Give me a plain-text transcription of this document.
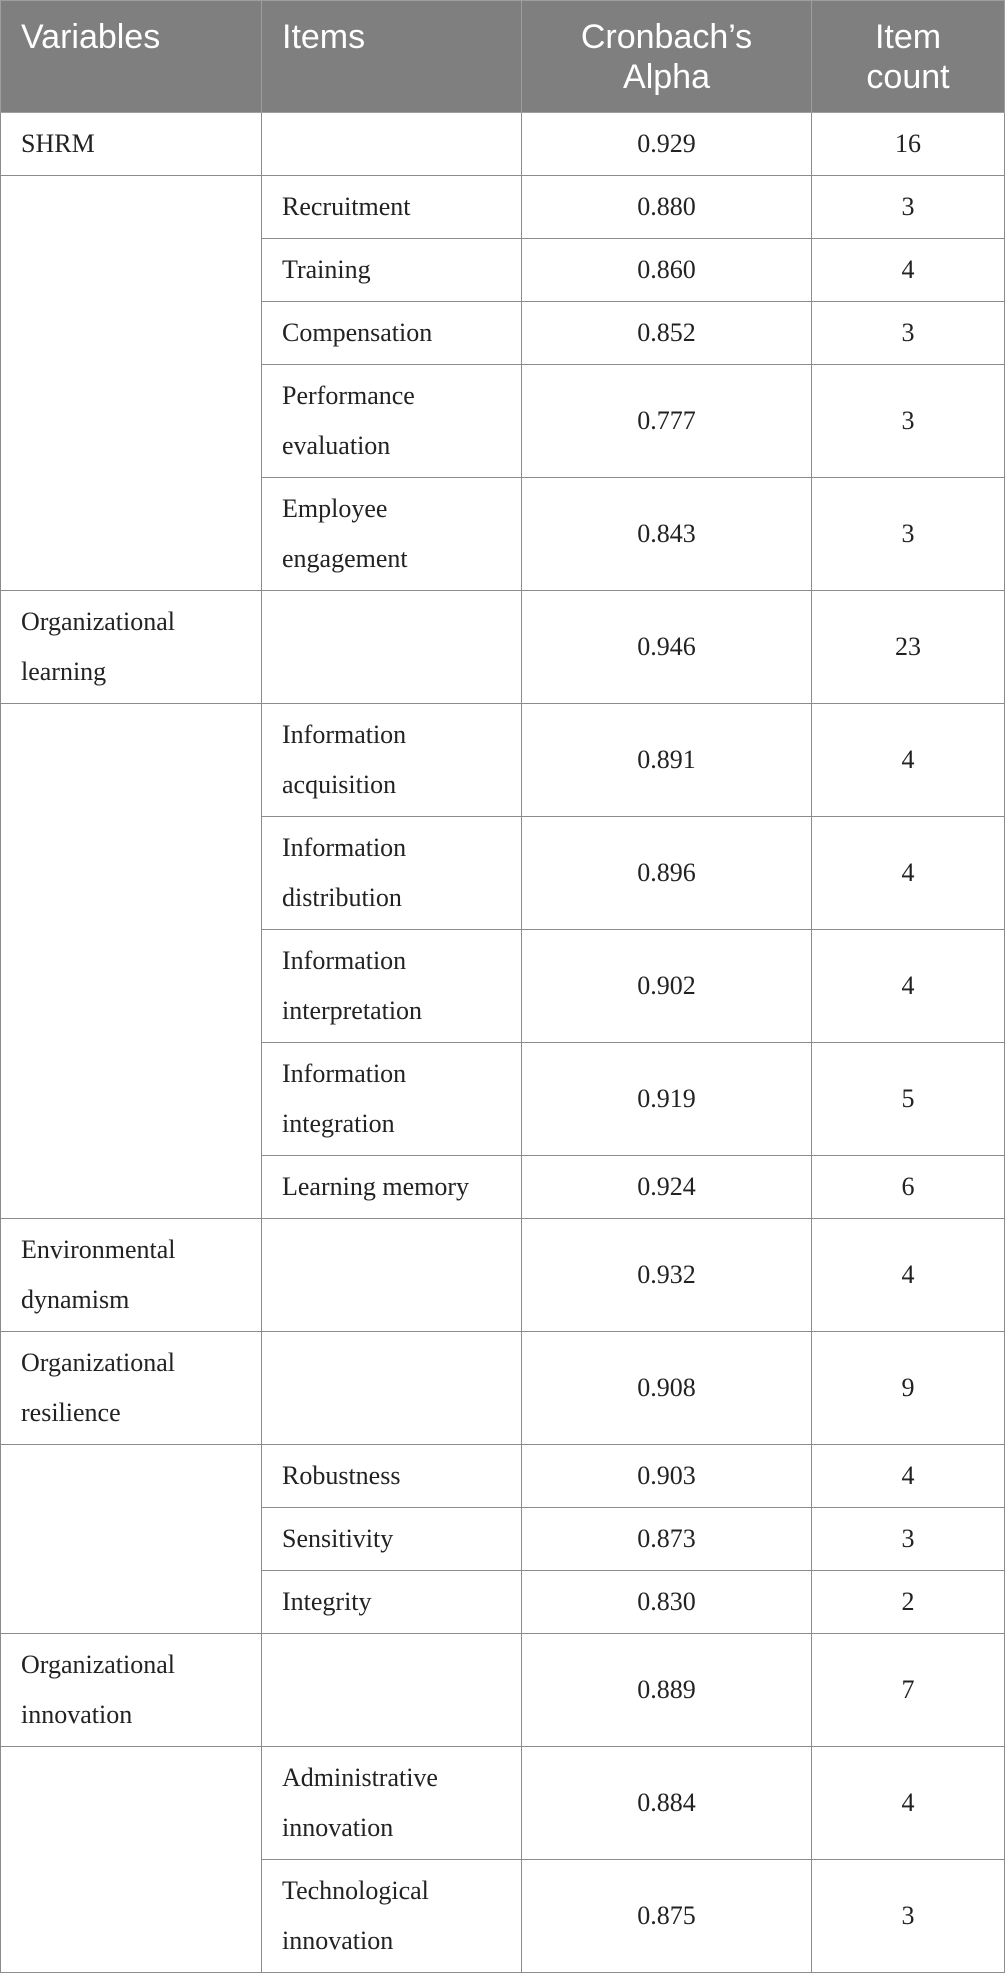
Variables	Items	Cronbach’s Alpha	Item count
SHRM		0.929	16
	Recruitment	0.880	3
	Training	0.860	4
	Compensation	0.852	3
	Performance evaluation	0.777	3
	Employee engagement	0.843	3
Organizational learning		0.946	23
	Information acquisition	0.891	4
	Information distribution	0.896	4
	Information interpretation	0.902	4
	Information integration	0.919	5
	Learning memory	0.924	6
Environmental dynamism		0.932	4
Organizational resilience		0.908	9
	Robustness	0.903	4
	Sensitivity	0.873	3
	Integrity	0.830	2
Organizational innovation		0.889	7
	Administrative innovation	0.884	4
	Technological innovation	0.875	3
